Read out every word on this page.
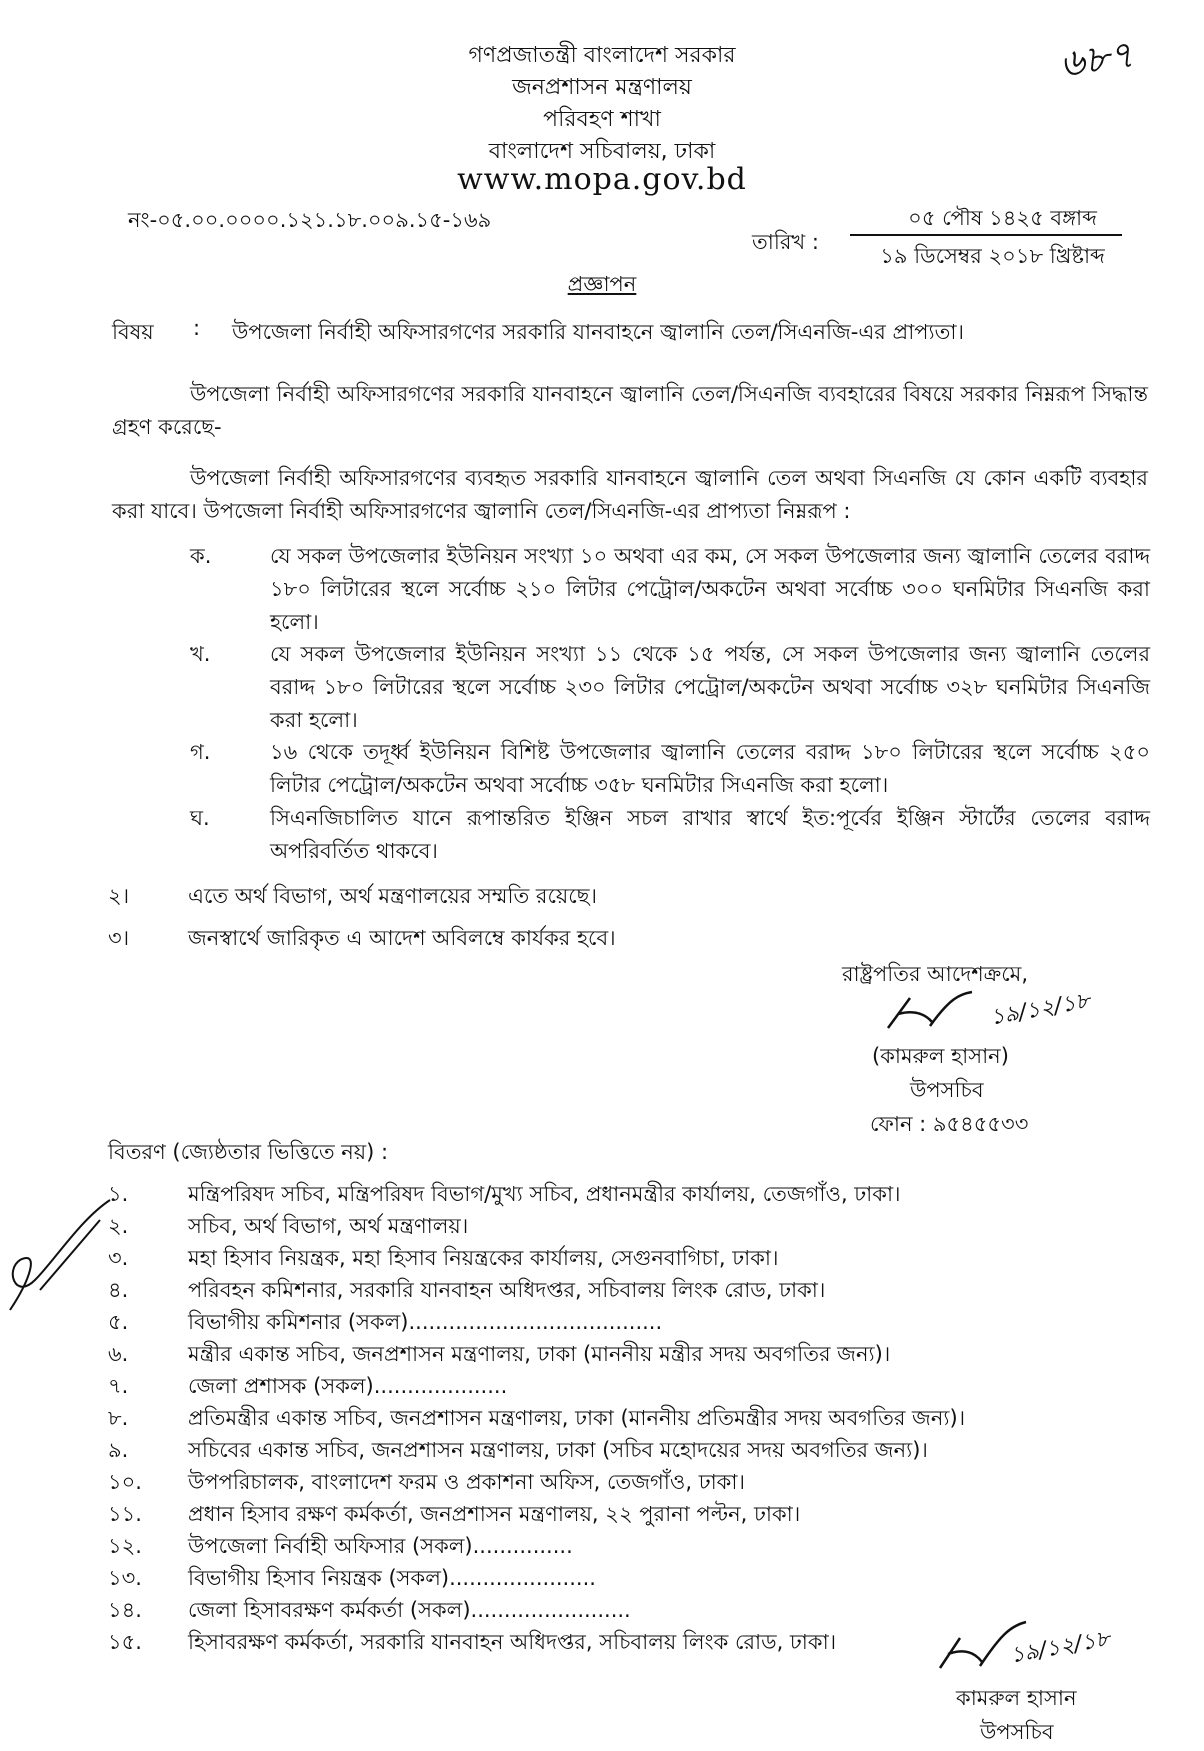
গণপ্রজাতন্ত্রী বাংলাদেশ সরকার
জনপ্রশাসন মন্ত্রণালয়
পরিবহণ শাখা
বাংলাদেশ সচিবালয়, ঢাকা
www.mopa.gov.bd
৬৮৭
নং-০৫.০০.০০০০.১২১.১৮.০০৯.১৫-১৬৯
তারিখ :
০৫ পৌষ ১৪২৫ বঙ্গাব্দ
১৯ ডিসেম্বর ২০১৮ খ্রিষ্টাব্দ
প্রজ্ঞাপন
বিষয় : উপজেলা নির্বাহী অফিসারগণের সরকারি যানবাহনে জ্বালানি তেল/সিএনজি-এর প্রাপ্যতা।
উপজেলা নির্বাহী অফিসারগণের সরকারি যানবাহনে জ্বালানি তেল/সিএনজি ব্যবহারের বিষয়ে সরকার নিম্নরূপ সিদ্ধান্ত গ্রহণ করেছে-
উপজেলা নির্বাহী অফিসারগণের ব্যবহৃত সরকারি যানবাহনে জ্বালানি তেল অথবা সিএনজি যে কোন একটি ব্যবহার করা যাবে। উপজেলা নির্বাহী অফিসারগণের জ্বালানি তেল/সিএনজি-এর প্রাপ্যতা নিম্নরূপ :
ক.	যে সকল উপজেলার ইউনিয়ন সংখ্যা ১০ অথবা এর কম, সে সকল উপজেলার জন্য জ্বালানি তেলের বরাদ্দ ১৮০ লিটারের স্থলে সর্বোচ্চ ২১০ লিটার পেট্রোল/অকটেন অথবা সর্বোচ্চ ৩০০ ঘনমিটার সিএনজি করা হলো।
খ.	যে সকল উপজেলার ইউনিয়ন সংখ্যা ১১ থেকে ১৫ পর্যন্ত, সে সকল উপজেলার জন্য জ্বালানি তেলের বরাদ্দ ১৮০ লিটারের স্থলে সর্বোচ্চ ২৩০ লিটার পেট্রোল/অকটেন অথবা সর্বোচ্চ ৩২৮ ঘনমিটার সিএনজি করা হলো।
গ.	১৬ থেকে তদূর্ধ্ব ইউনিয়ন বিশিষ্ট উপজেলার জ্বালানি তেলের বরাদ্দ ১৮০ লিটারের স্থলে সর্বোচ্চ ২৫০ লিটার পেট্রোল/অকটেন অথবা সর্বোচ্চ ৩৫৮ ঘনমিটার সিএনজি করা হলো।
ঘ.	সিএনজিচালিত যানে রূপান্তরিত ইঞ্জিন সচল রাখার স্বার্থে ইত:পূর্বের ইঞ্জিন স্টার্টের তেলের বরাদ্দ অপরিবর্তিত থাকবে।
২।	এতে অর্থ বিভাগ, অর্থ মন্ত্রণালয়ের সম্মতি রয়েছে।
৩।	জনস্বার্থে জারিকৃত এ আদেশ অবিলম্বে কার্যকর হবে।
রাষ্ট্রপতির আদেশক্রমে,
১৯/১২/১৮
(কামরুল হাসান)
উপসচিব
ফোন : ৯৫৪৫৫৩৩
বিতরণ (জ্যেষ্ঠতার ভিত্তিতে নয়) :
১.	মন্ত্রিপরিষদ সচিব, মন্ত্রিপরিষদ বিভাগ/মুখ্য সচিব, প্রধানমন্ত্রীর কার্যালয়, তেজগাঁও, ঢাকা।
২.	সচিব, অর্থ বিভাগ, অর্থ মন্ত্রণালয়।
৩.	মহা হিসাব নিয়ন্ত্রক, মহা হিসাব নিয়ন্ত্রকের কার্যালয়, সেগুনবাগিচা, ঢাকা।
৪.	পরিবহন কমিশনার, সরকারি যানবাহন অধিদপ্তর, সচিবালয় লিংক রোড, ঢাকা।
৫.	বিভাগীয় কমিশনার (সকল)......................................
৬.	মন্ত্রীর একান্ত সচিব, জনপ্রশাসন মন্ত্রণালয়, ঢাকা (মাননীয় মন্ত্রীর সদয় অবগতির জন্য)।
৭.	জেলা প্রশাসক (সকল)....................
৮.	প্রতিমন্ত্রীর একান্ত সচিব, জনপ্রশাসন মন্ত্রণালয়, ঢাকা (মাননীয় প্রতিমন্ত্রীর সদয় অবগতির জন্য)।
৯.	সচিবের একান্ত সচিব, জনপ্রশাসন মন্ত্রণালয়, ঢাকা (সচিব মহোদয়ের সদয় অবগতির জন্য)।
১০. উপপরিচালক, বাংলাদেশ ফরম ও প্রকাশনা অফিস, তেজগাঁও, ঢাকা।
১১. প্রধান হিসাব রক্ষণ কর্মকর্তা, জনপ্রশাসন মন্ত্রণালয়, ২২ পুরানা পল্টন, ঢাকা।
১২. উপজেলা নির্বাহী অফিসার (সকল)...............
১৩. বিভাগীয় হিসাব নিয়ন্ত্রক (সকল)......................
১৪. জেলা হিসাবরক্ষণ কর্মকর্তা (সকল)........................
১৫. হিসাবরক্ষণ কর্মকর্তা, সরকারি যানবাহন অধিদপ্তর, সচিবালয় লিংক রোড, ঢাকা।	১৯/১২/১৮
কামরুল হাসান
উপসচিব
